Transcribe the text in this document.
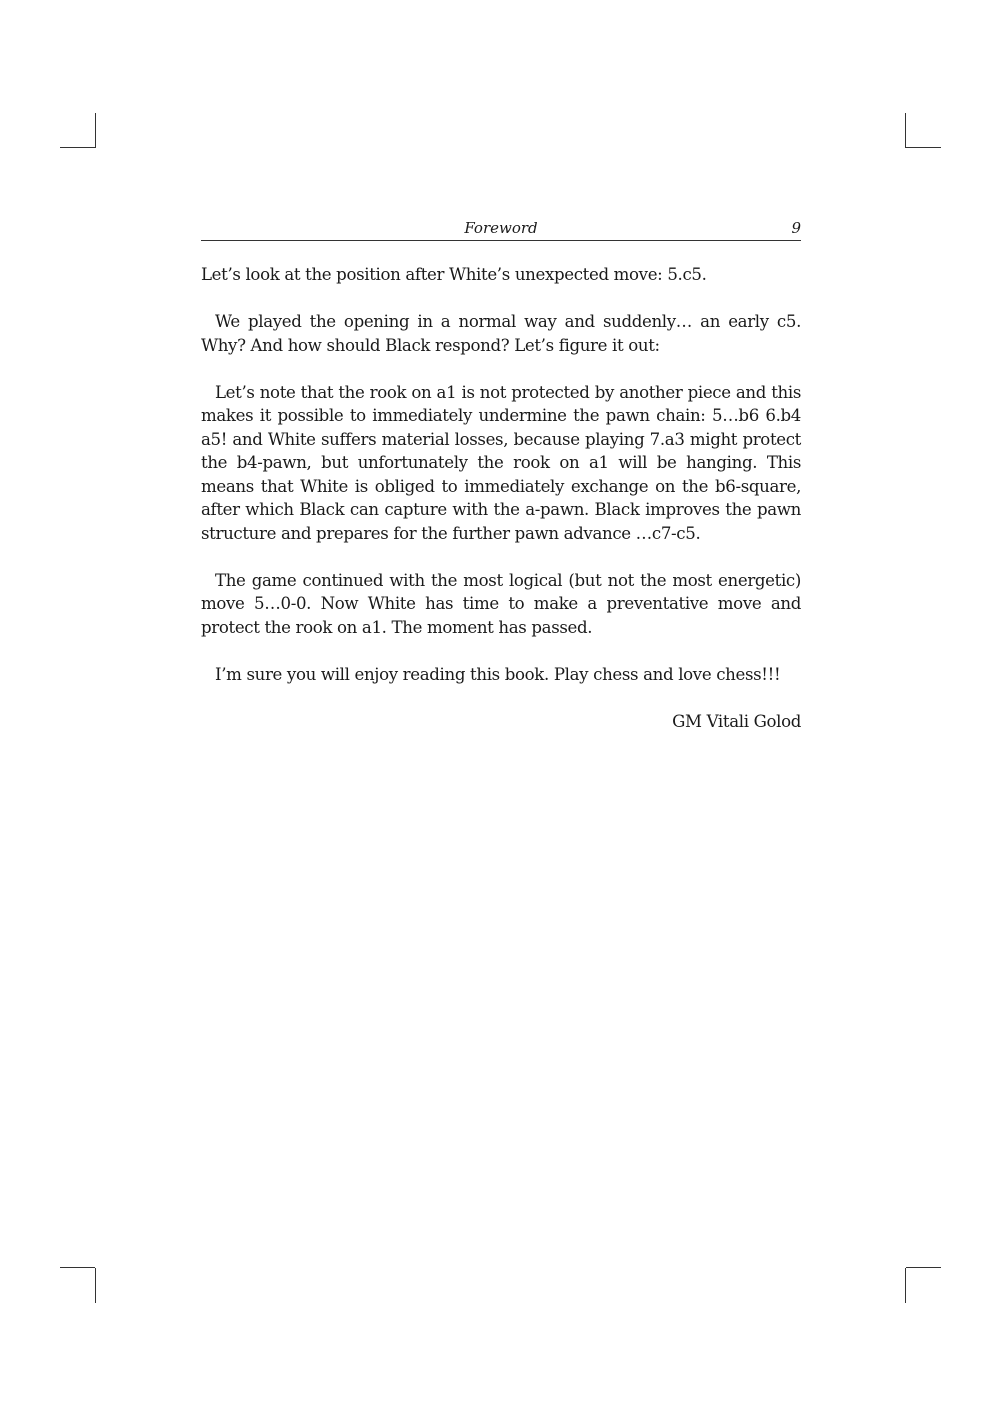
Foreword	9

Let’s look at the position after White’s unexpected move: 5.c5.

We played the opening in a normal way and suddenly… an early c5. Why? And how should Black respond? Let’s figure it out:

Let’s note that the rook on a1 is not protected by another piece and this makes it possible to immediately undermine the pawn chain: 5…b6 6.b4 a5! and White suffers material losses, because playing 7.a3 might protect the b4-pawn, but unfortunately the rook on a1 will be hanging. This means that White is obliged to immediately exchange on the b6-square, after which Black can capture with the a-pawn. Black improves the pawn structure and prepares for the further pawn advance …c7-c5.

The game continued with the most logical (but not the most energetic) move 5…0-0. Now White has time to make a preventative move and protect the rook on a1. The moment has passed.

I’m sure you will enjoy reading this book. Play chess and love chess!!!

GM Vitali Golod
